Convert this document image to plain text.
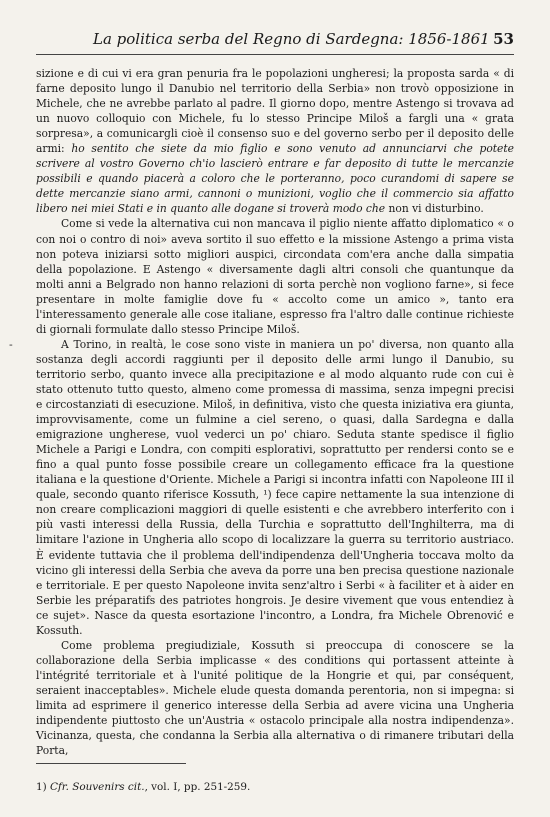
La politica serba del Regno di Sardegna: 1856-1861 53
-

sizione e di cui vi era gran penuria fra le popolazioni ungheresi; la proposta sarda « di farne deposito lungo il Danubio nel territorio della Serbia» non trovò opposizione in Michele, che ne avrebbe parlato al padre. Il giorno dopo, mentre Astengo si trovava ad un nuovo colloquio con Michele, fu lo stesso Principe Miloš a fargli una « grata sorpresa», a comunicargli cioè il consenso suo e del governo serbo per il deposito delle armi: ho sentito che siete da mio figlio e sono venuto ad annunciarvi che potete scrivere al vostro Governo ch'io lascierò entrare e far deposito di tutte le mercanzie possibili e quando piacerà a coloro che le porteranno, poco curandomi di sapere se dette mercanzie siano armi, cannoni o munizioni, voglio che il commercio sia affatto libero nei miei Stati e in quanto alle dogane si troverà modo che non vi disturbino.

Come si vede la alternativa cui non mancava il piglio niente affatto diplomatico « o con noi o contro di noi» aveva sortito il suo effetto e la missione Astengo a prima vista non poteva iniziarsi sotto migliori auspici, circondata com'era anche dalla simpatia della popolazione. E Astengo « diversamente dagli altri consoli che quantunque da molti anni a Belgrado non hanno relazioni di sorta perchè non vogliono farne», si fece presentare in molte famiglie dove fu « accolto come un amico », tanto era l'interessamento generale alle cose italiane, espresso fra l'altro dalle continue richieste di giornali formulate dallo stesso Principe Miloš.

A Torino, in realtà, le cose sono viste in maniera un po' diversa, non quanto alla sostanza degli accordi raggiunti per il deposito delle armi lungo il Danubio, su territorio serbo, quanto invece alla precipitazione e al modo alquanto rude con cui è stato ottenuto tutto questo, almeno come promessa di massima, senza impegni precisi e circostanziati di esecuzione. Miloš, in definitiva, visto che questa iniziativa era giunta, improvvisamente, come un fulmine a ciel sereno, o quasi, dalla Sardegna e dalla emigrazione ungherese, vuol vederci un po' chiaro. Seduta stante spedisce il figlio Michele a Parigi e Londra, con compiti esplorativi, soprattutto per rendersi conto se e fino a qual punto fosse possibile creare un collegamento efficace fra la questione italiana e la questione d'Oriente. Michele a Parigi si incontra infatti con Napoleone III il quale, secondo quanto riferisce Kossuth, ¹) fece capire nettamente la sua intenzione di non creare complicazioni maggiori di quelle esistenti e che avrebbero interferito con i più vasti interessi della Russia, della Turchia e soprattutto dell'Inghilterra, ma di limitare l'azione in Ungheria allo scopo di localizzare la guerra su territorio austriaco. È evidente tuttavia che il problema dell'indipendenza dell'Ungheria toccava molto da vicino gli interessi della Serbia che aveva da porre una ben precisa questione nazionale e territoriale. E per questo Napoleone invita senz'altro i Serbi « à faciliter et à aider en Serbie les préparatifs des patriotes hongrois. Je desire vivement que vous entendiez à ce sujet». Nasce da questa esortazione l'incontro, a Londra, fra Michele Obrenović e Kossuth.

Come problema pregiudiziale, Kossuth si preoccupa di conoscere se la collaborazione della Serbia implicasse « des conditions qui portassent atteinte à l'intégrité territoriale et à l'unité politique de la Hongrie et qui, par conséquent, seraient inacceptables». Michele elude questa domanda perentoria, non si impegna: si limita ad esprimere il generico interesse della Serbia ad avere vicina una Ungheria indipendente piuttosto che un'Austria « ostacolo principale alla nostra indipendenza». Vicinanza, questa, che condanna la Serbia alla alternativa o di rimanere tributari della Porta,

1) Cfr. Souvenirs cit., vol. I, pp. 251-259.
